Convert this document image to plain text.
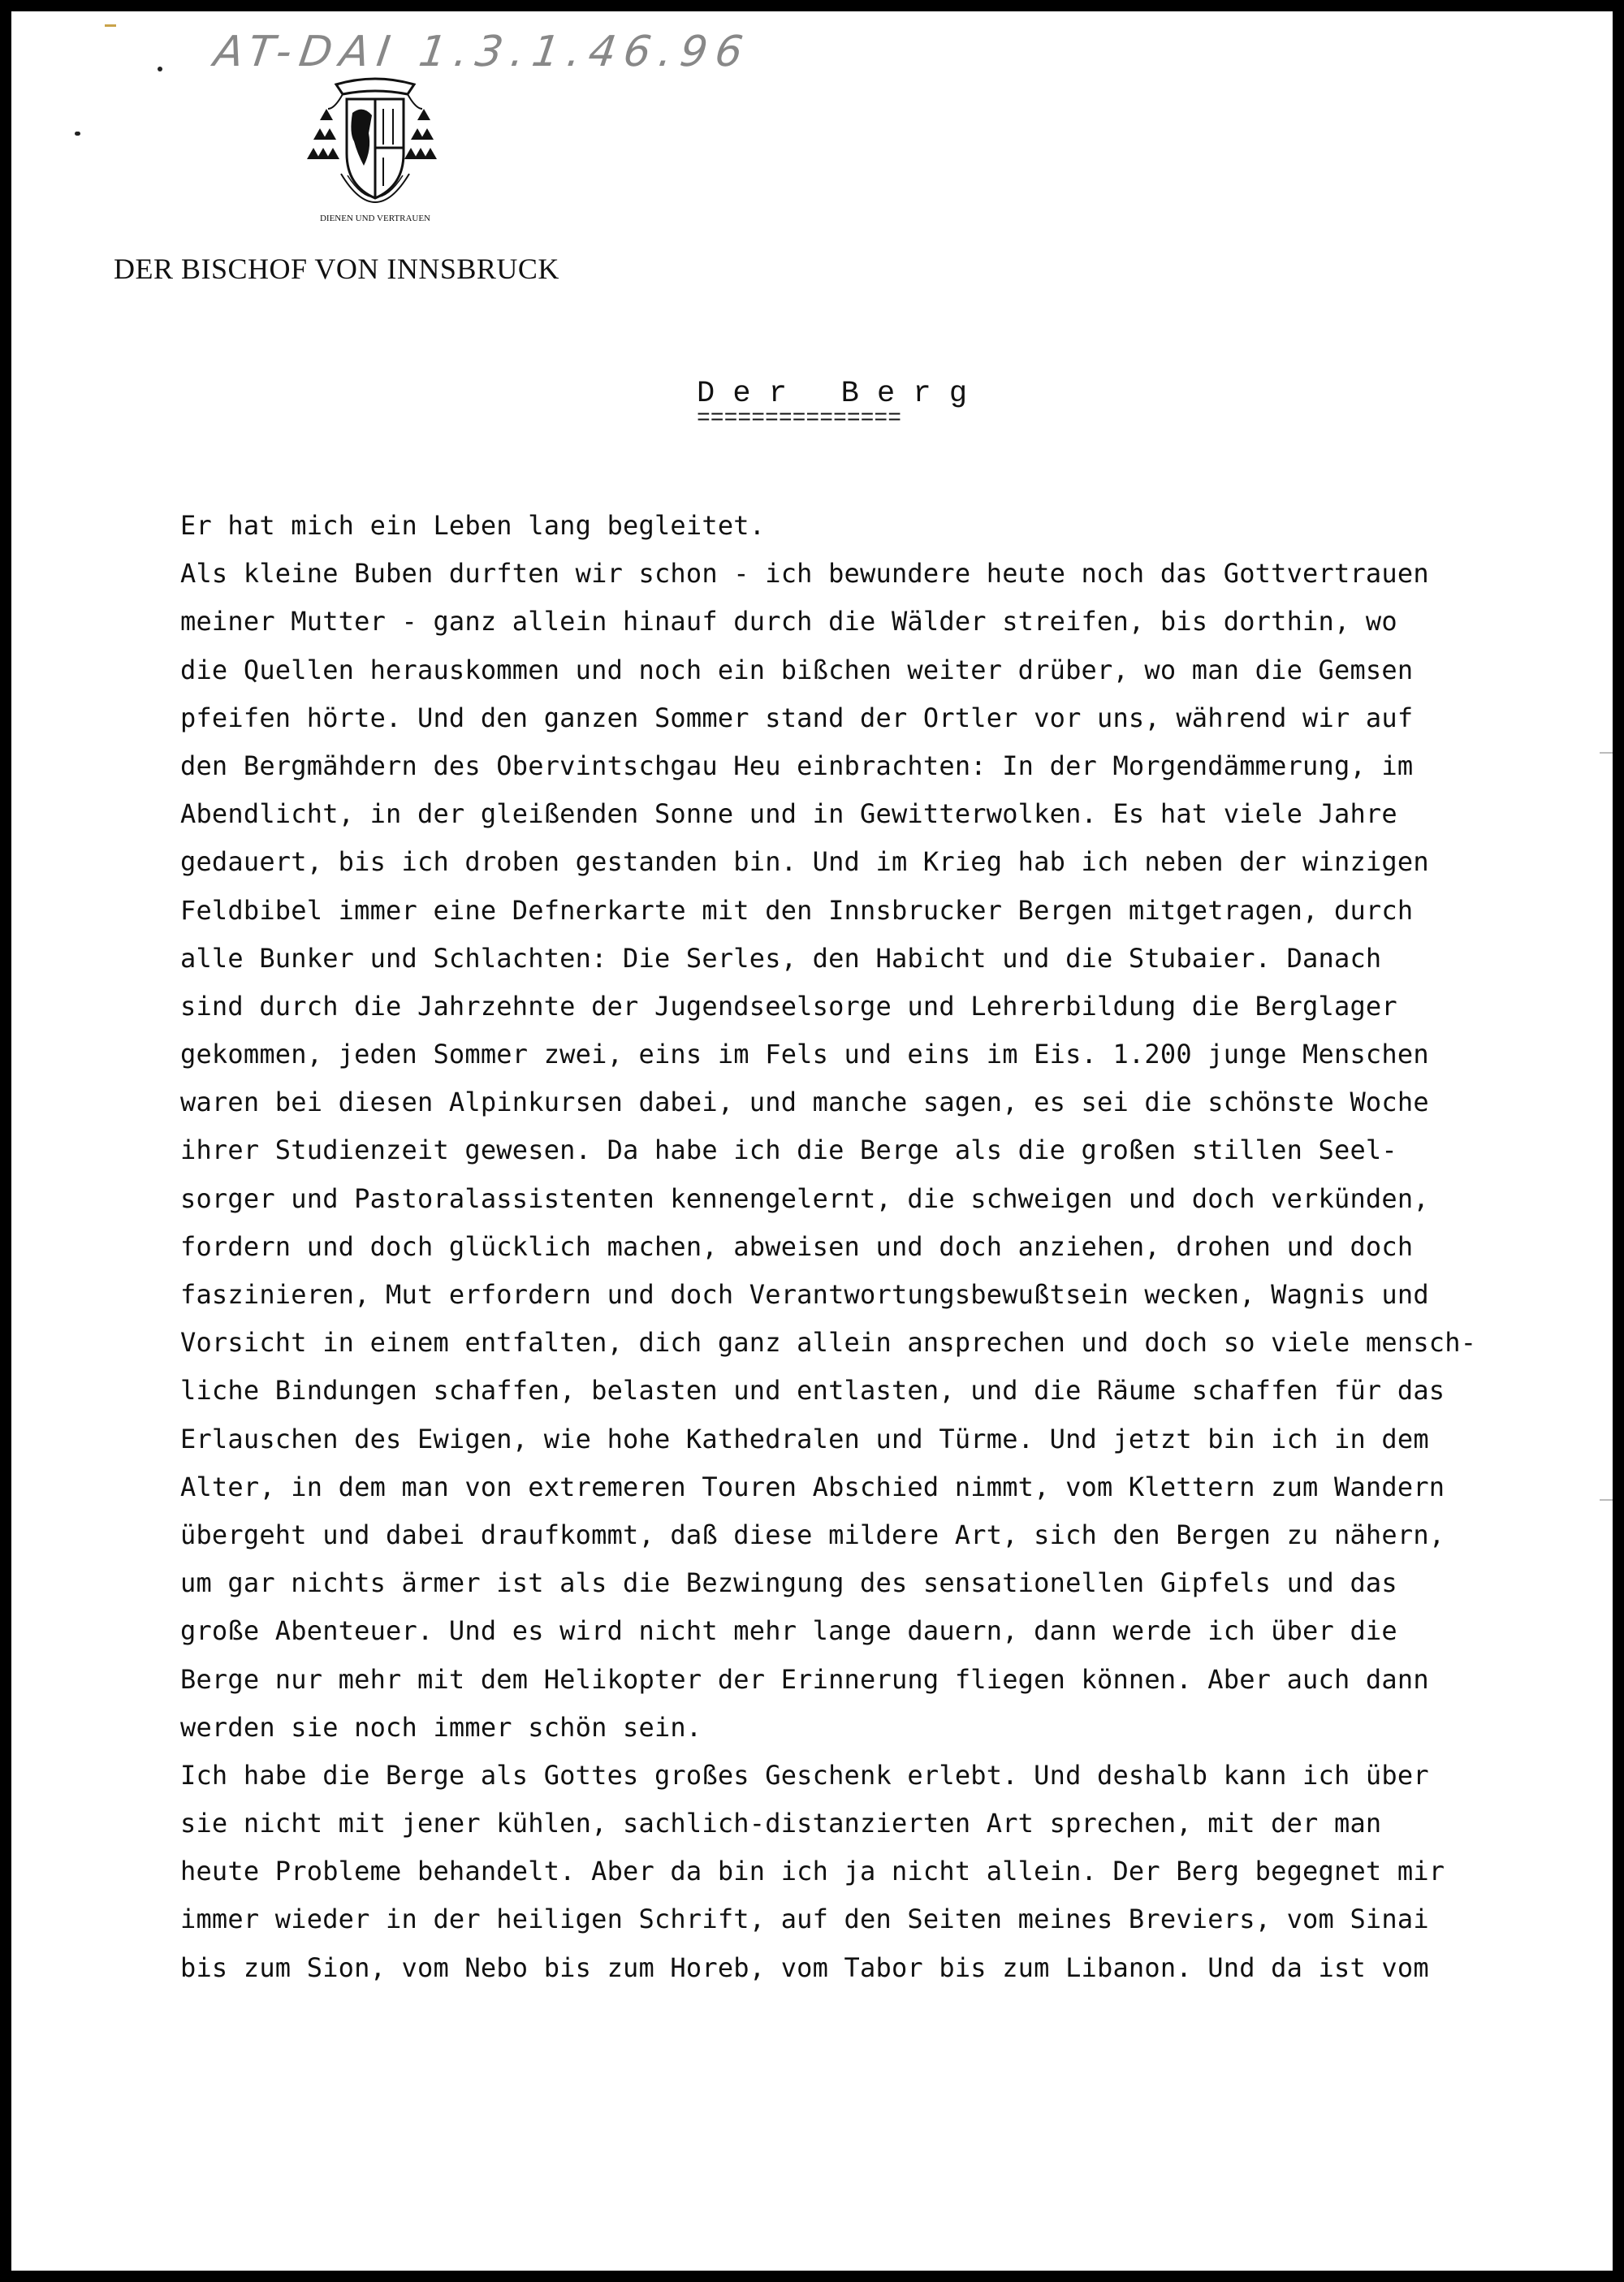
AT-DAI 1.3.1.46.96
DIENEN UND VERTRAUEN
DER BISCHOF VON INNSBRUCK
D e r   B e r g
===============
Er hat mich ein Leben lang begleitet.
Als kleine Buben durften wir schon - ich bewundere heute noch das Gottvertrauen
meiner Mutter - ganz allein hinauf durch die Wälder streifen, bis dorthin, wo
die Quellen herauskommen und noch ein bißchen weiter drüber, wo man die Gemsen
pfeifen hörte. Und den ganzen Sommer stand der Ortler vor uns, während wir auf
den Bergmähdern des Obervintschgau Heu einbrachten: In der Morgendämmerung, im
Abendlicht, in der gleißenden Sonne und in Gewitterwolken. Es hat viele Jahre
gedauert, bis ich droben gestanden bin. Und im Krieg hab ich neben der winzigen
Feldbibel immer eine Defnerkarte mit den Innsbrucker Bergen mitgetragen, durch
alle Bunker und Schlachten: Die Serles, den Habicht und die Stubaier. Danach
sind durch die Jahrzehnte der Jugendseelsorge und Lehrerbildung die Berglager
gekommen, jeden Sommer zwei, eins im Fels und eins im Eis. 1.200 junge Menschen
waren bei diesen Alpinkursen dabei, und manche sagen, es sei die schönste Woche
ihrer Studienzeit gewesen. Da habe ich die Berge als die großen stillen Seel-
sorger und Pastoralassistenten kennengelernt, die schweigen und doch verkünden,
fordern und doch glücklich machen, abweisen und doch anziehen, drohen und doch
faszinieren, Mut erfordern und doch Verantwortungsbewußtsein wecken, Wagnis und
Vorsicht in einem entfalten, dich ganz allein ansprechen und doch so viele mensch-
liche Bindungen schaffen, belasten und entlasten, und die Räume schaffen für das
Erlauschen des Ewigen, wie hohe Kathedralen und Türme. Und jetzt bin ich in dem
Alter, in dem man von extremeren Touren Abschied nimmt, vom Klettern zum Wandern
übergeht und dabei draufkommt, daß diese mildere Art, sich den Bergen zu nähern,
um gar nichts ärmer ist als die Bezwingung des sensationellen Gipfels und das
große Abenteuer. Und es wird nicht mehr lange dauern, dann werde ich über die
Berge nur mehr mit dem Helikopter der Erinnerung fliegen können. Aber auch dann
werden sie noch immer schön sein.
Ich habe die Berge als Gottes großes Geschenk erlebt. Und deshalb kann ich über
sie nicht mit jener kühlen, sachlich-distanzierten Art sprechen, mit der man
heute Probleme behandelt. Aber da bin ich ja nicht allein. Der Berg begegnet mir
immer wieder in der heiligen Schrift, auf den Seiten meines Breviers, vom Sinai
bis zum Sion, vom Nebo bis zum Horeb, vom Tabor bis zum Libanon. Und da ist vom
